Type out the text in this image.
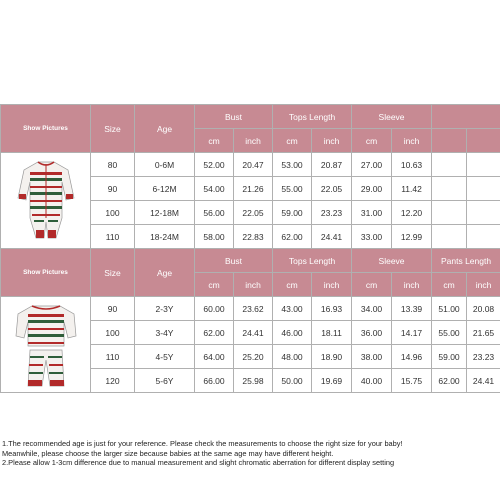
Show Pictures	Size	Age	Bust		Tops Length		Sleeve			
			cm	inch	cm	inch	cm	inch		

	80	0-6M	52.00	20.47	53.00	20.87	27.00	10.63		
	90	6-12M	54.00	21.26	55.00	22.05	29.00	11.42		
	100	12-18M	56.00	22.05	59.00	23.23	31.00	12.20		
	110	18-24M	58.00	22.83	62.00	24.41	33.00	12.99		
Show Pictures	Size	Age	Bust		Tops Length		Sleeve		Pants Length	
			cm	inch	cm	inch	cm	inch	cm	inch

	90	2-3Y	60.00	23.62	43.00	16.93	34.00	13.39	51.00	20.08
	100	3-4Y	62.00	24.41	46.00	18.11	36.00	14.17	55.00	21.65
	110	4-5Y	64.00	25.20	48.00	18.90	38.00	14.96	59.00	23.23
	120	5-6Y	66.00	25.98	50.00	19.69	40.00	15.75	62.00	24.41
1.The recommended age is just for your reference. Please check the measurements to choose the right size for your baby!
Meanwhile, please choose the larger size because babies at the same age may have different height.
2.Please allow 1-3cm difference due to manual measurement and slight chromatic aberration for different display setting
